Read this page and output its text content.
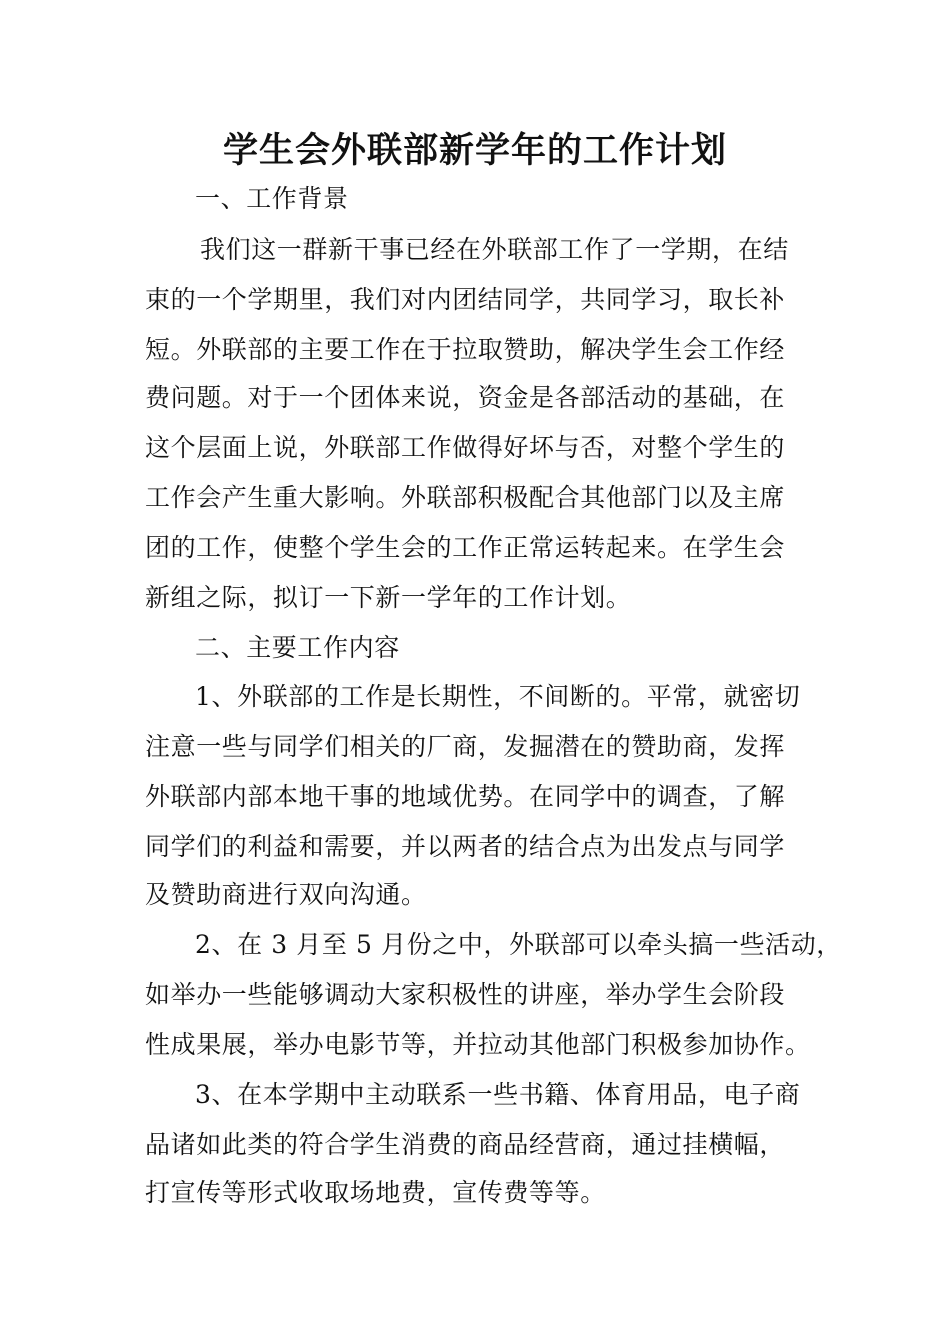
学生会外联部新学年的工作计划
一、工作背景
我们这一群新干事已经在外联部工作了一学期，在结
束的一个学期里，我们对内团结同学，共同学习，取长补
短。外联部的主要工作在于拉取赞助，解决学生会工作经
费问题。对于一个团体来说，资金是各部活动的基础，在
这个层面上说，外联部工作做得好坏与否，对整个学生的
工作会产生重大影响。外联部积极配合其他部门以及主席
团的工作，使整个学生会的工作正常运转起来。在学生会
新组之际，拟订一下新一学年的工作计划。
二、主要工作内容
1、外联部的工作是长期性，不间断的。平常，就密切
注意一些与同学们相关的厂商，发掘潜在的赞助商，发挥
外联部内部本地干事的地域优势。在同学中的调查，了解
同学们的利益和需要，并以两者的结合点为出发点与同学
及赞助商进行双向沟通。
2、在 3 月至 5 月份之中，外联部可以牵头搞一些活动，
如举办一些能够调动大家积极性的讲座，举办学生会阶段
性成果展，举办电影节等，并拉动其他部门积极参加协作。
3、在本学期中主动联系一些书籍、体育用品，电子商
品诸如此类的符合学生消费的商品经营商，通过挂横幅，
打宣传等形式收取场地费，宣传费等等。
